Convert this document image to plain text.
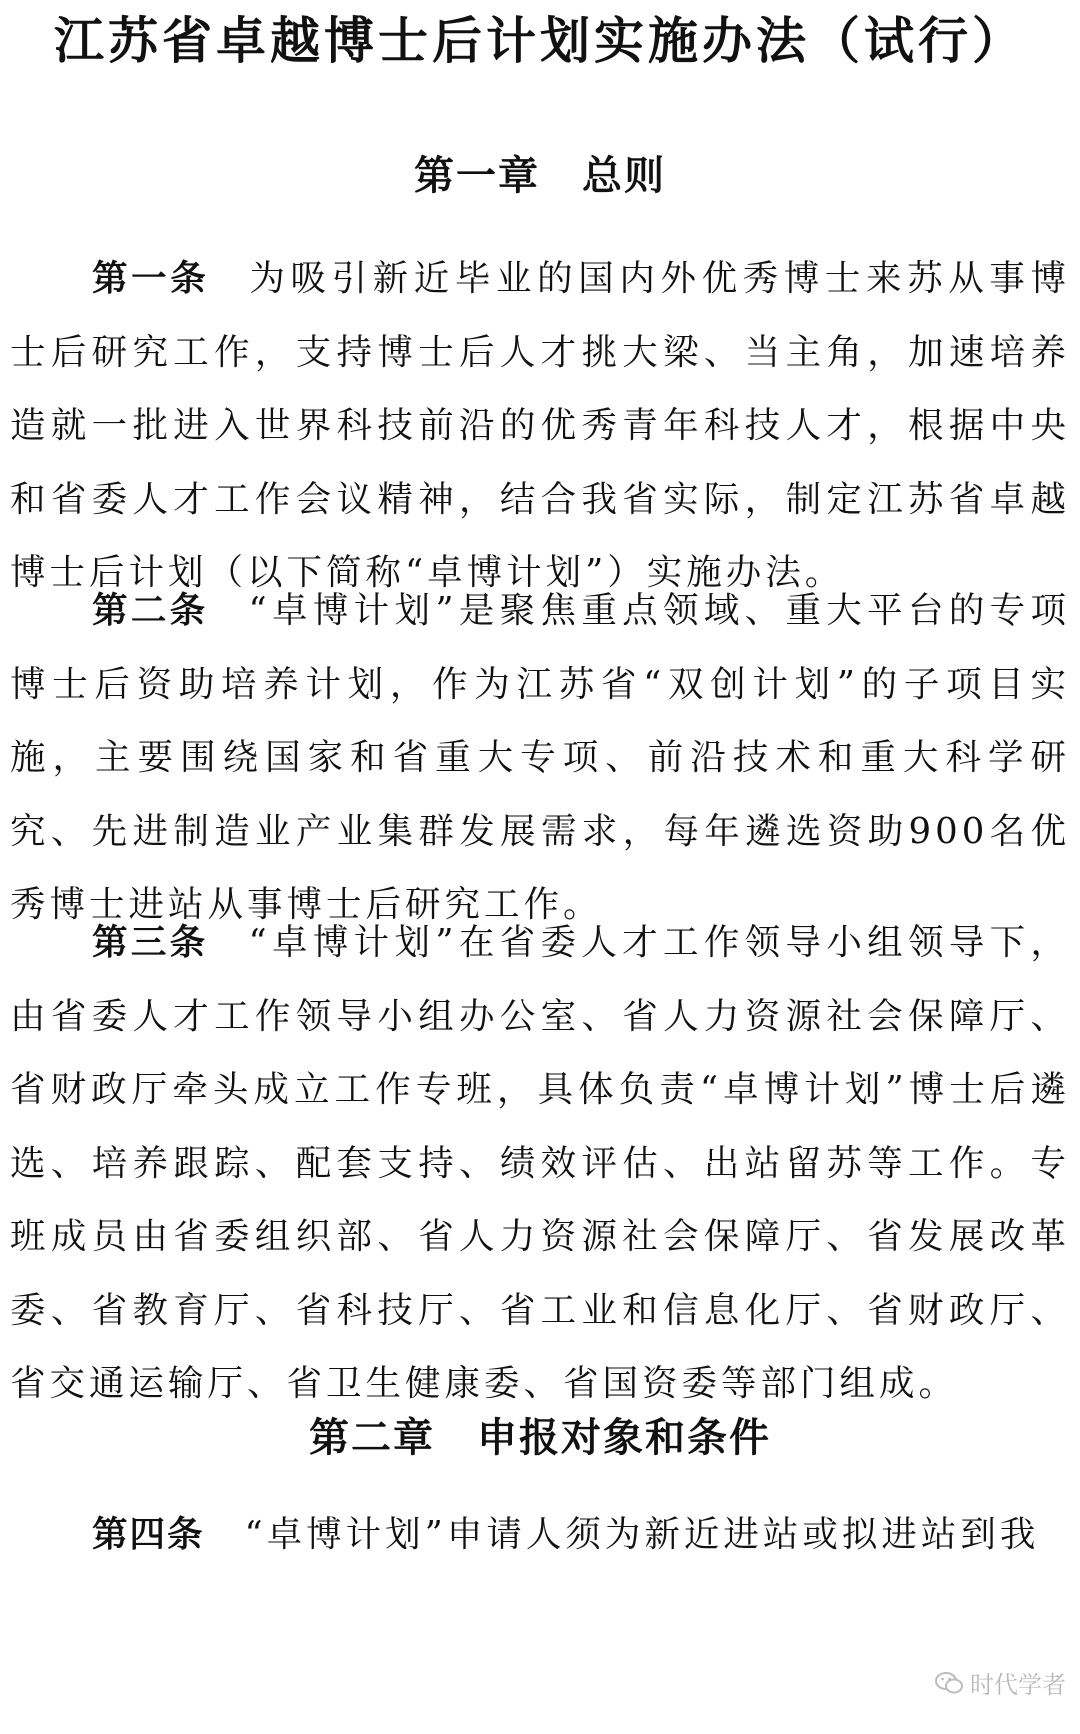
江苏省卓越博士后计划实施办法（试行）
第一章　总则

第一条 为吸引新近毕业的国内外优秀博士来苏从事博士后研究工作，支持博士后人才挑大梁、当主角，加速培养造就一批进入世界科技前沿的优秀青年科技人才，根据中央和省委人才工作会议精神，结合我省实际，制定江苏省卓越博士后计划（以下简称“卓博计划”）实施办法。

第二条 “卓博计划”是聚焦重点领域、重大平台的专项博士后资助培养计划，作为江苏省“双创计划”的子项目实施，主要围绕国家和省重大专项、前沿技术和重大科学研究、先进制造业产业集群发展需求，每年遴选资助900名优秀博士进站从事博士后研究工作。

第三条 “卓博计划”在省委人才工作领导小组领导下，由省委人才工作领导小组办公室、省人力资源社会保障厅、省财政厅牵头成立工作专班，具体负责“卓博计划”博士后遴选、培养跟踪、配套支持、绩效评估、出站留苏等工作。专班成员由省委组织部、省人力资源社会保障厅、省发展改革委、省教育厅、省科技厅、省工业和信息化厅、省财政厅、省交通运输厅、省卫生健康委、省国资委等部门组成。

第二章　申报对象和条件

第四条 “卓博计划”申请人须为新近进站或拟进站到我

时代学者
